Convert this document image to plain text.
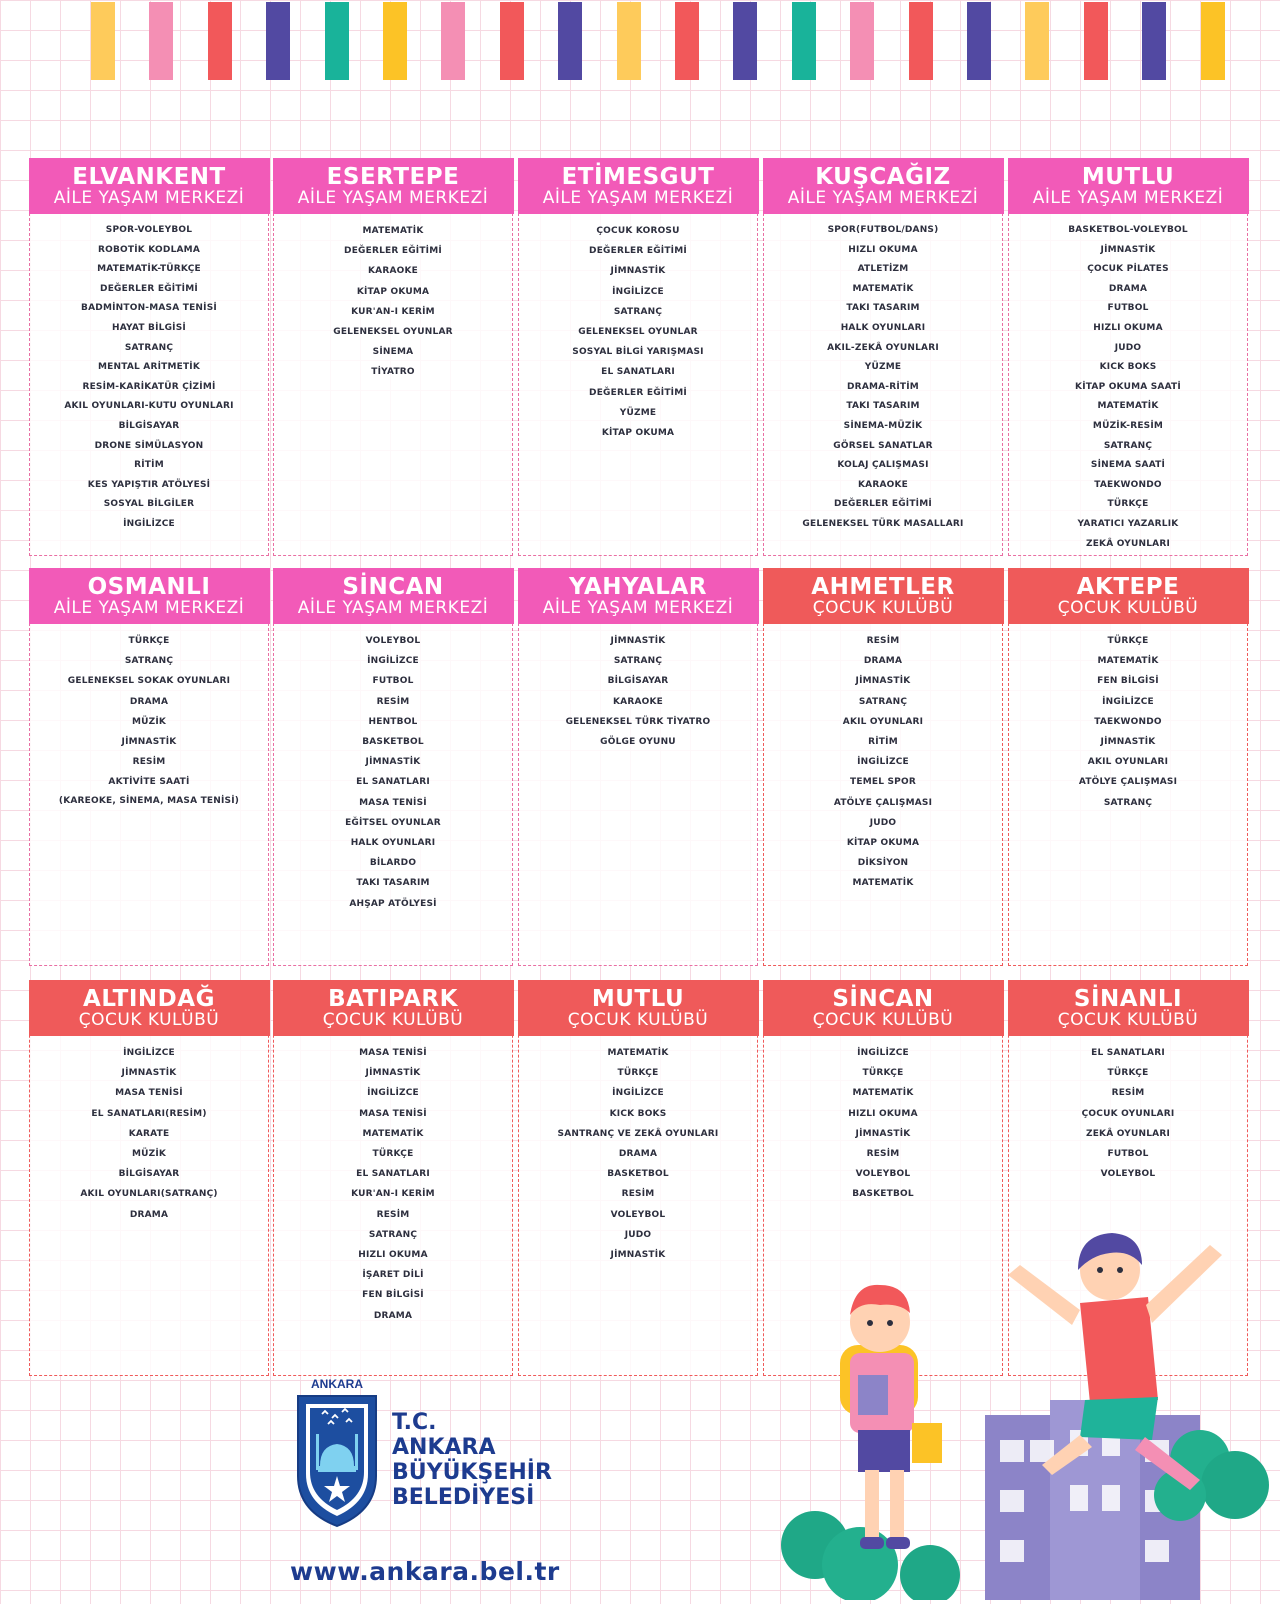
ELVANKENT
AİLE YAŞAM MERKEZİ
SPOR-VOLEYBOL
ROBOTİK KODLAMA
MATEMATİK-TÜRKÇE
DEĞERLER EĞİTİMİ
BADMİNTON-MASA TENİSİ
HAYAT BİLGİSİ
SATRANÇ
MENTAL ARİTMETİK
RESİM-KARİKATÜR ÇİZİMİ
AKIL OYUNLARI-KUTU OYUNLARI
BİLGİSAYAR
DRONE SİMÜLASYON
RİTİM
KES YAPIŞTIR ATÖLYESİ
SOSYAL BİLGİLER
İNGİLİZCE
ESERTEPE
AİLE YAŞAM MERKEZİ
MATEMATİK
DEĞERLER EĞİTİMİ
KARAOKE
KİTAP OKUMA
KUR'AN-I KERİM
GELENEKSEL OYUNLAR
SİNEMA
TİYATRO
ETİMESGUT
AİLE YAŞAM MERKEZİ
ÇOCUK KOROSU
DEĞERLER EĞİTİMİ
JİMNASTİK
İNGİLİZCE
SATRANÇ
GELENEKSEL OYUNLAR
SOSYAL BİLGİ YARIŞMASI
EL SANATLARI
DEĞERLER EĞİTİMİ
YÜZME
KİTAP OKUMA
KUŞCAĞIZ
AİLE YAŞAM MERKEZİ
SPOR(FUTBOL/DANS)
HIZLI OKUMA
ATLETİZM
MATEMATİK
TAKI TASARIM
HALK OYUNLARI
AKIL-ZEKÂ OYUNLARI
YÜZME
DRAMA-RİTİM
TAKI TASARIM
SİNEMA-MÜZİK
GÖRSEL SANATLAR
KOLAJ ÇALIŞMASI
KARAOKE
DEĞERLER EĞİTİMİ
GELENEKSEL TÜRK MASALLARI
MUTLU
AİLE YAŞAM MERKEZİ
BASKETBOL-VOLEYBOL
JİMNASTİK
ÇOCUK PİLATES
DRAMA
FUTBOL
HIZLI OKUMA
JUDO
KICK BOKS
KİTAP OKUMA SAATİ
MATEMATİK
MÜZİK-RESİM
SATRANÇ
SİNEMA SAATİ
TAEKWONDO
TÜRKÇE
YARATICI YAZARLIK
ZEKÂ OYUNLARI
OSMANLI
AİLE YAŞAM MERKEZİ
TÜRKÇE
SATRANÇ
GELENEKSEL SOKAK OYUNLARI
DRAMA
MÜZİK
JİMNASTİK
RESİM
AKTİVİTE SAATİ
(KAREOKE, SİNEMA, MASA TENİSİ)
SİNCAN
AİLE YAŞAM MERKEZİ
VOLEYBOL
İNGİLİZCE
FUTBOL
RESİM
HENTBOL
BASKETBOL
JİMNASTİK
EL SANATLARI
MASA TENİSİ
EĞİTSEL OYUNLAR
HALK OYUNLARI
BİLARDO
TAKI TASARIM
AHŞAP ATÖLYESİ
YAHYALAR
AİLE YAŞAM MERKEZİ
JİMNASTİK
SATRANÇ
BİLGİSAYAR
KARAOKE
GELENEKSEL TÜRK TİYATRO
GÖLGE OYUNU
AHMETLER
ÇOCUK KULÜBÜ
RESİM
DRAMA
JİMNASTİK
SATRANÇ
AKIL OYUNLARI
RİTİM
İNGİLİZCE
TEMEL SPOR
ATÖLYE ÇALIŞMASI
JUDO
KİTAP OKUMA
DİKSİYON
MATEMATİK
AKTEPE
ÇOCUK KULÜBÜ
TÜRKÇE
MATEMATİK
FEN BİLGİSİ
İNGİLİZCE
TAEKWONDO
JİMNASTİK
AKIL OYUNLARI
ATÖLYE ÇALIŞMASI
SATRANÇ
ALTINDAĞ
ÇOCUK KULÜBÜ
İNGİLİZCE
JİMNASTİK
MASA TENİSİ
EL SANATLARI(RESİM)
KARATE
MÜZİK
BİLGİSAYAR
AKIL OYUNLARI(SATRANÇ)
DRAMA
BATIPARK
ÇOCUK KULÜBÜ
MASA TENİSİ
JİMNASTİK
İNGİLİZCE
MASA TENİSİ
MATEMATİK
TÜRKÇE
EL SANATLARI
KUR'AN-I KERİM
RESİM
SATRANÇ
HIZLI OKUMA
İŞARET DİLİ
FEN BİLGİSİ
DRAMA
MUTLU
ÇOCUK KULÜBÜ
MATEMATİK
TÜRKÇE
İNGİLİZCE
KICK BOKS
SANTRANÇ VE ZEKÂ OYUNLARI
DRAMA
BASKETBOL
RESİM
VOLEYBOL
JUDO
JİMNASTİK
SİNCAN
ÇOCUK KULÜBÜ
İNGİLİZCE
TÜRKÇE
MATEMATİK
HIZLI OKUMA
JİMNASTİK
RESİM
VOLEYBOL
BASKETBOL
SİNANLI
ÇOCUK KULÜBÜ
EL SANATLARI
TÜRKÇE
RESİM
ÇOCUK OYUNLARI
ZEKÂ OYUNLARI
FUTBOL
VOLEYBOL
ANKARA
T.C.
ANKARA
BÜYÜKŞEHİR
BELEDİYESİ
www.ankara.bel.tr
